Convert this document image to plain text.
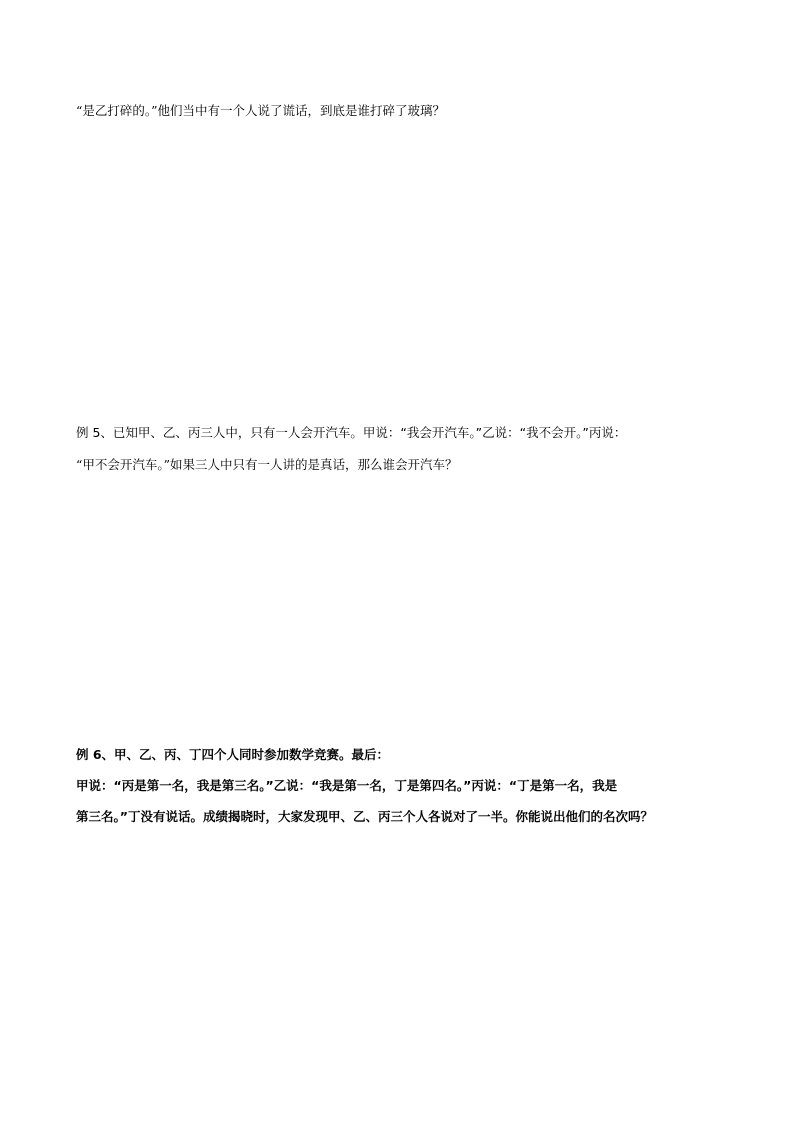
“是乙打碎的。”他们当中有一个人说了谎话，到底是谁打碎了玻璃？
例 5、已知甲、乙、丙三人中，只有一人会开汽车。甲说：“我会开汽车。”乙说：“我不会开。”丙说：
“甲不会开汽车。”如果三人中只有一人讲的是真话，那么谁会开汽车？
例 6、甲、乙、丙、丁四个人同时参加数学竞赛。最后：
甲说：“丙是第一名，我是第三名。”乙说：“我是第一名，丁是第四名。”丙说：“丁是第一名，我是
第三名。”丁没有说话。成绩揭晓时，大家发现甲、乙、丙三个人各说对了一半。你能说出他们的名次吗？
